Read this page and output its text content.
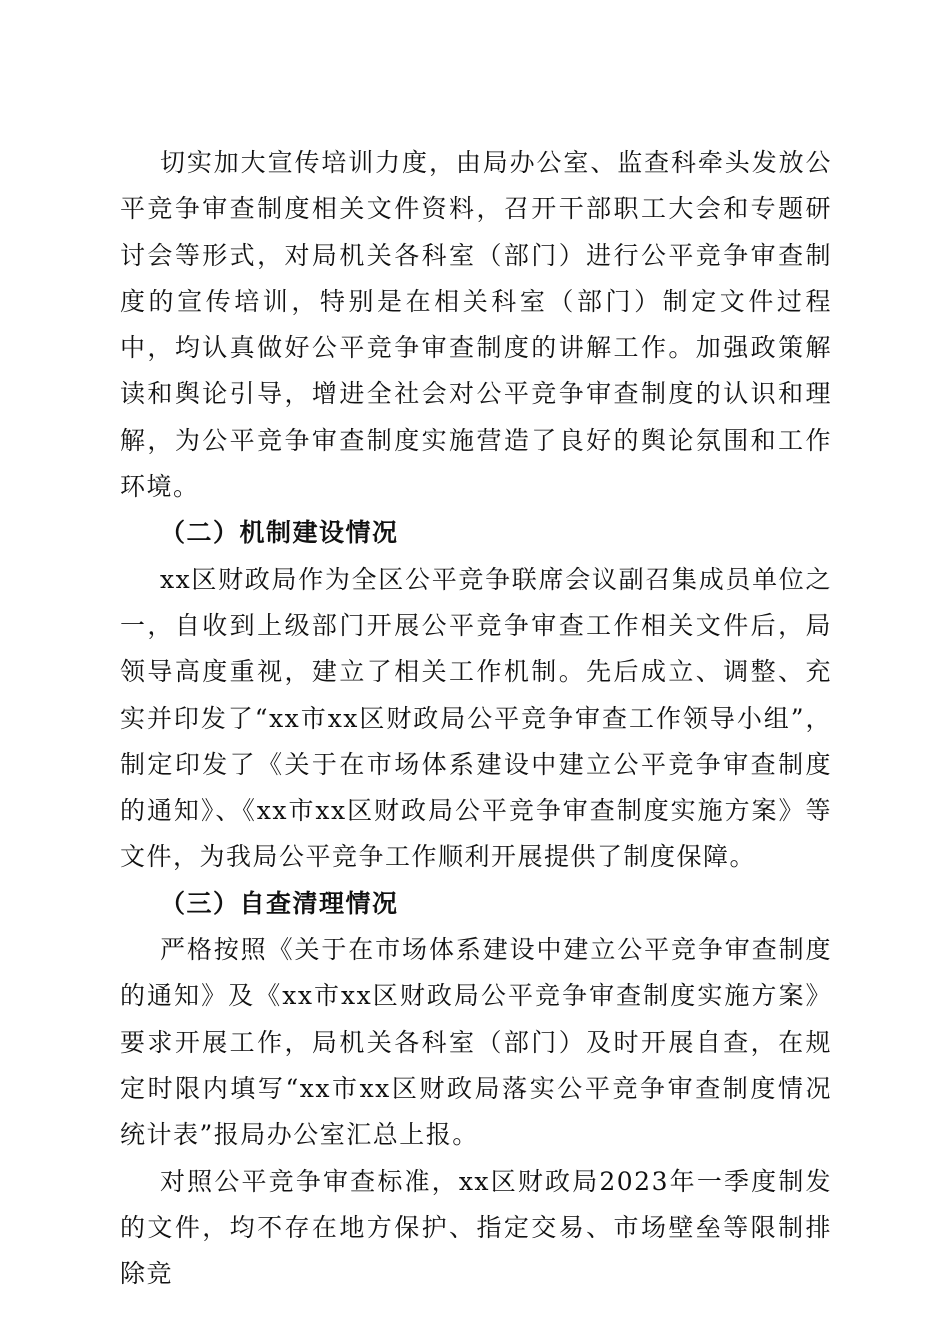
切实加大宣传培训力度，由局办公室、监查科牵头发放公平竞争审查制度相关文件资料，召开干部职工大会和专题研讨会等形式，对局机关各科室（部门）进行公平竞争审查制度的宣传培训，特别是在相关科室（部门）制定文件过程中，均认真做好公平竞争审查制度的讲解工作。加强政策解读和舆论引导，增进全社会对公平竞争审查制度的认识和理解，为公平竞争审查制度实施营造了良好的舆论氛围和工作环境。

（二）机制建设情况

xx区财政局作为全区公平竞争联席会议副召集成员单位之一，自收到上级部门开展公平竞争审查工作相关文件后，局领导高度重视，建立了相关工作机制。先后成立、调整、充实并印发了“xx市xx区财政局公平竞争审查工作领导小组”，制定印发了《关于在市场体系建设中建立公平竞争审查制度的通知》、《xx市xx区财政局公平竞争审查制度实施方案》等文件，为我局公平竞争工作顺利开展提供了制度保障。

（三）自查清理情况

严格按照《关于在市场体系建设中建立公平竞争审查制度的通知》及《xx市xx区财政局公平竞争审查制度实施方案》要求开展工作，局机关各科室（部门）及时开展自查，在规定时限内填写“xx市xx区财政局落实公平竞争审查制度情况统计表”报局办公室汇总上报。

对照公平竞争审查标准，xx区财政局2023年一季度制发的文件，均不存在地方保护、指定交易、市场壁垒等限制排除竞
